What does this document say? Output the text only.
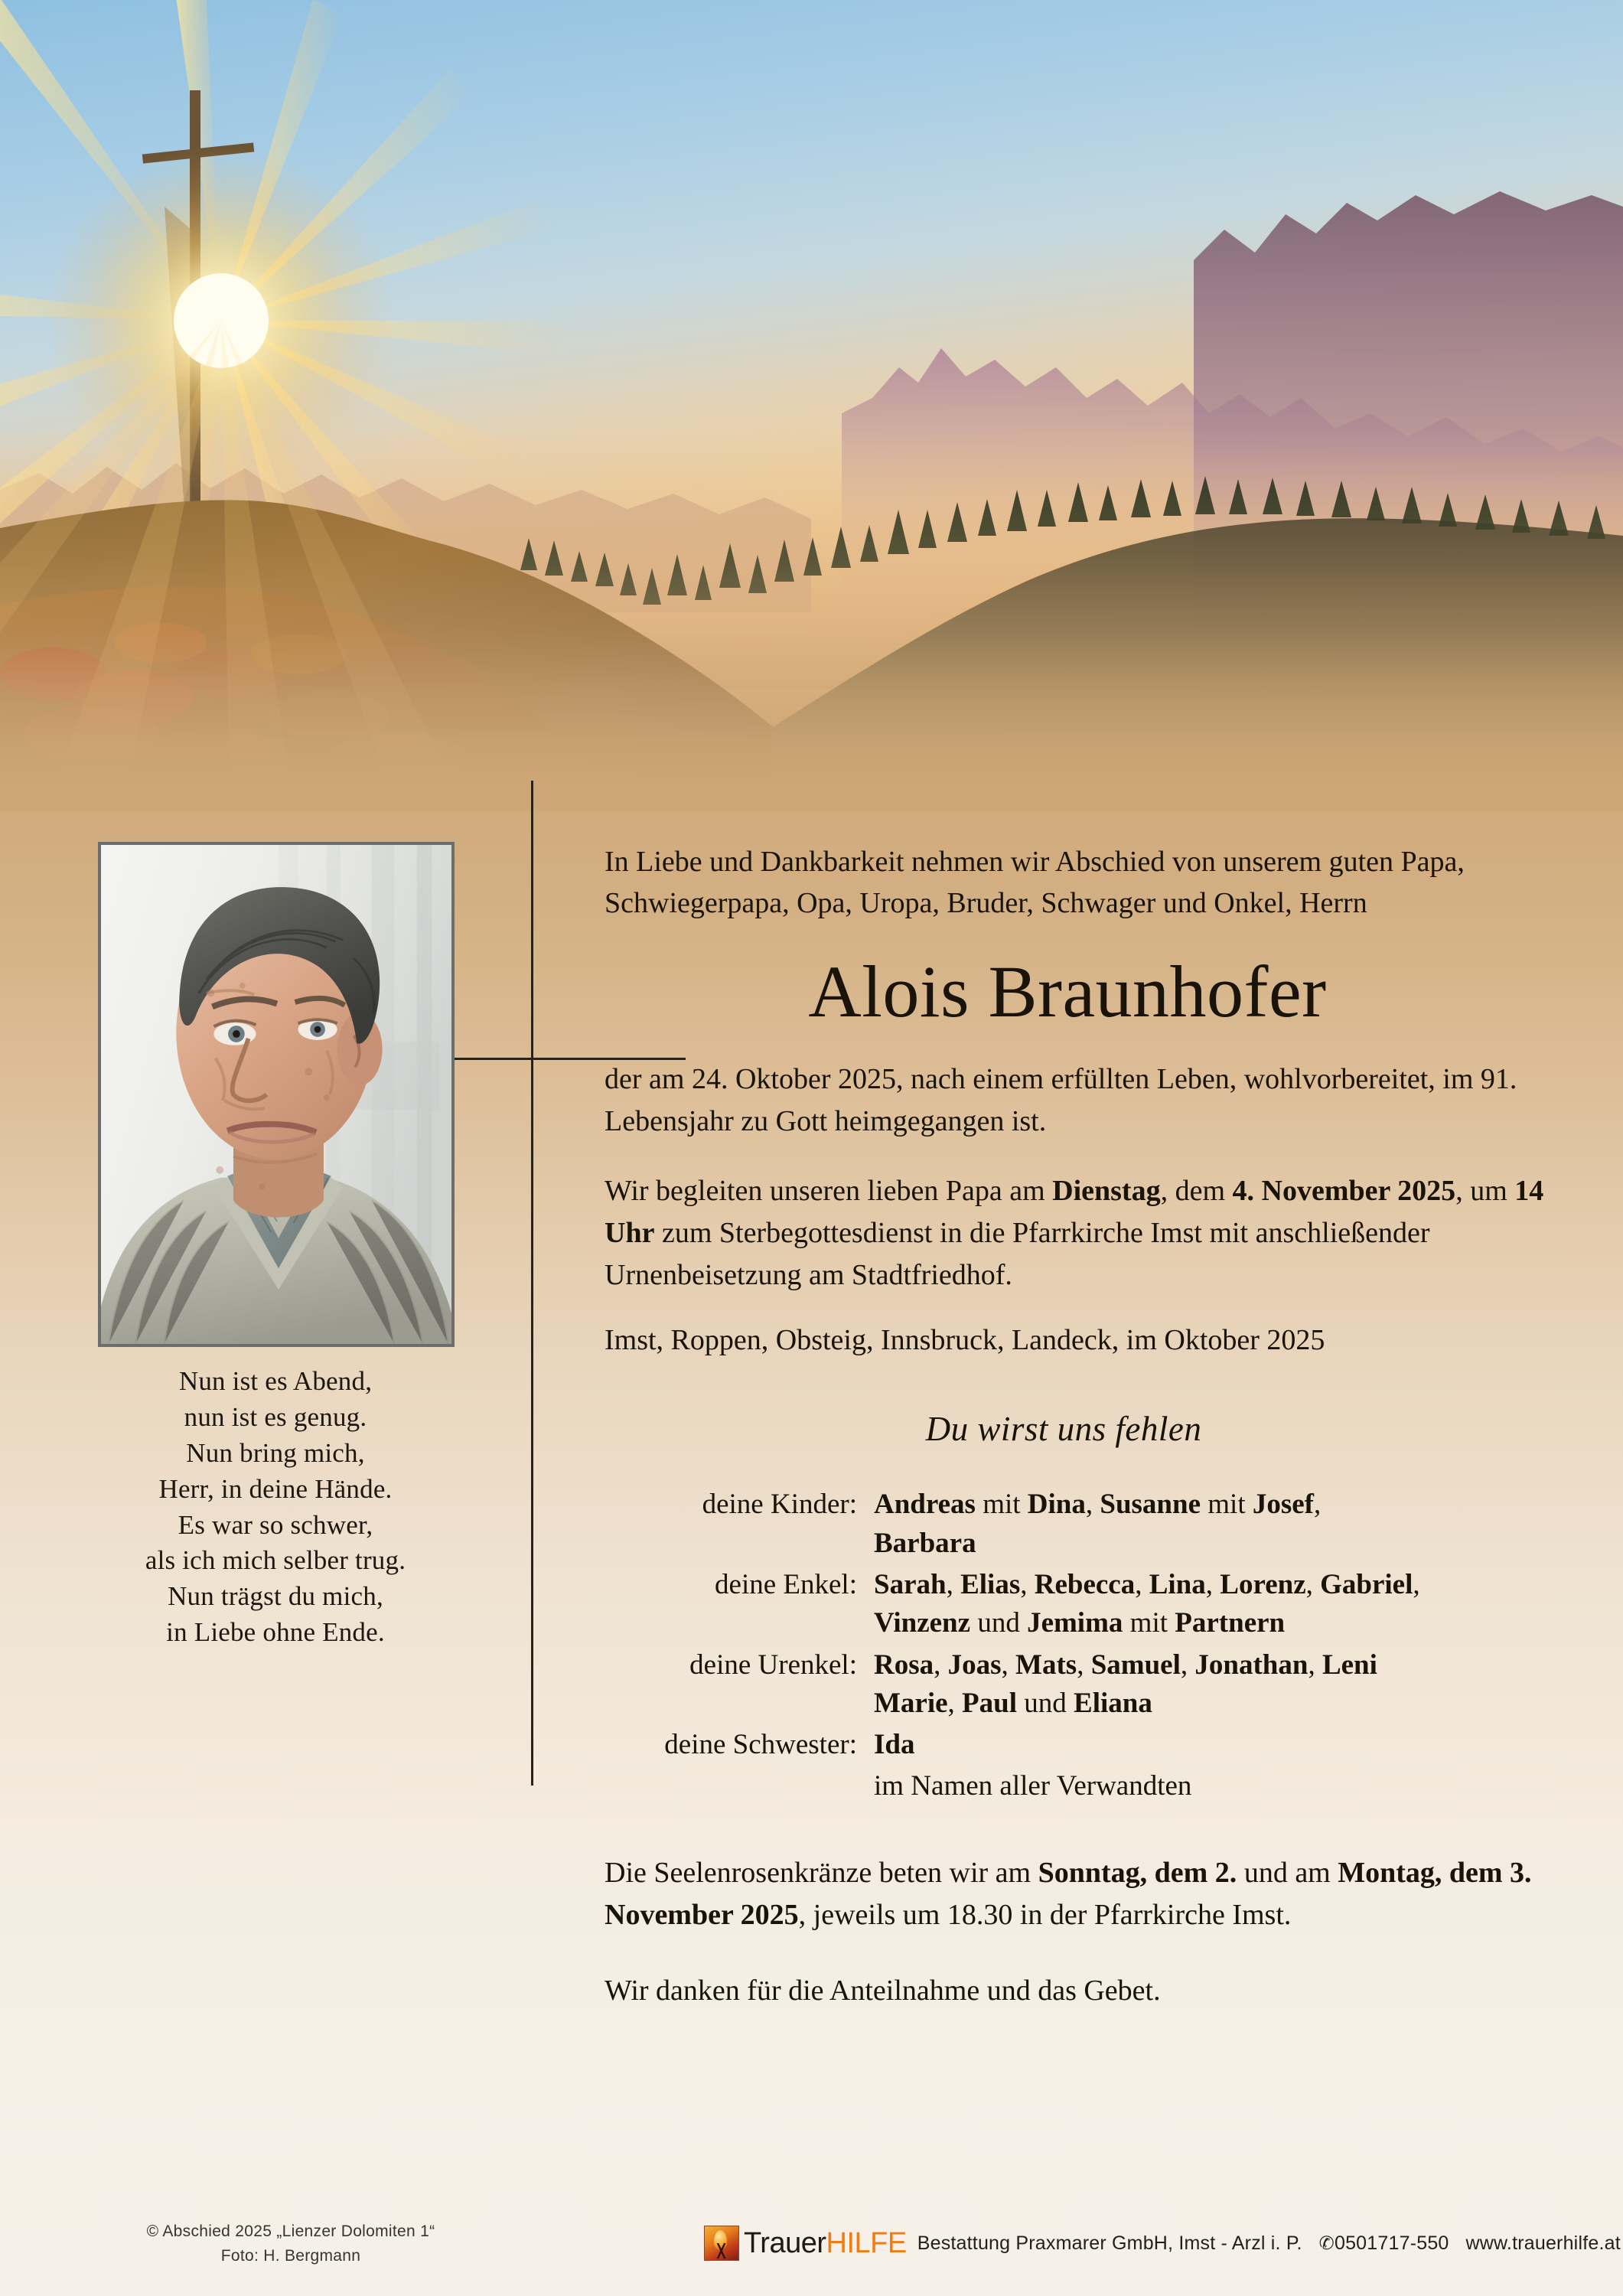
Nun ist es Abend,
nun ist es genug.
Nun bring mich,
Herr, in deine Hände.
Es war so schwer,
als ich mich selber trug.
Nun trägst du mich,
in Liebe ohne Ende.
In Liebe und Dankbarkeit nehmen wir Abschied von unserem guten Papa, Schwiegerpapa, Opa, Uropa, Bruder, Schwager und Onkel, Herrn
Alois Braunhofer
der am 24. Oktober 2025, nach einem erfüllten Leben, wohlvorbereitet, im 91. Lebensjahr zu Gott heimgegangen ist.
Wir begleiten unseren lieben Papa am Dienstag, dem 4. November 2025, um 14 Uhr zum Sterbegottesdienst in die Pfarrkirche Imst mit anschließender Urnenbeisetzung am Stadtfriedhof.
Imst, Roppen, Obsteig, Innsbruck, Landeck, im Oktober 2025
Du wirst uns fehlen
deine Kinder:	Andreas mit Dina, Susanne mit Josef, Barbara
deine Enkel:	Sarah, Elias, Rebecca, Lina, Lorenz, Gabriel, Vinzenz und Jemima mit Partnern
deine Urenkel:	Rosa, Joas, Mats, Samuel, Jonathan, Leni Marie, Paul und Eliana
deine Schwester:	Ida
	im Namen aller Verwandten
Die Seelenrosenkränze beten wir am Sonntag, dem 2. und am Montag, dem 3. November 2025, jeweils um 18.30 in der Pfarrkirche Imst.
Wir danken für die Anteilnahme und das Gebet.
© Abschied 2025 „Lienzer Dolomiten 1“
Foto: H. Bergmann	TrauerHILFE Bestattung Praxmarer GmbH, Imst - Arzl i. P. ✆0501717-550 www.trauerhilfe.at
